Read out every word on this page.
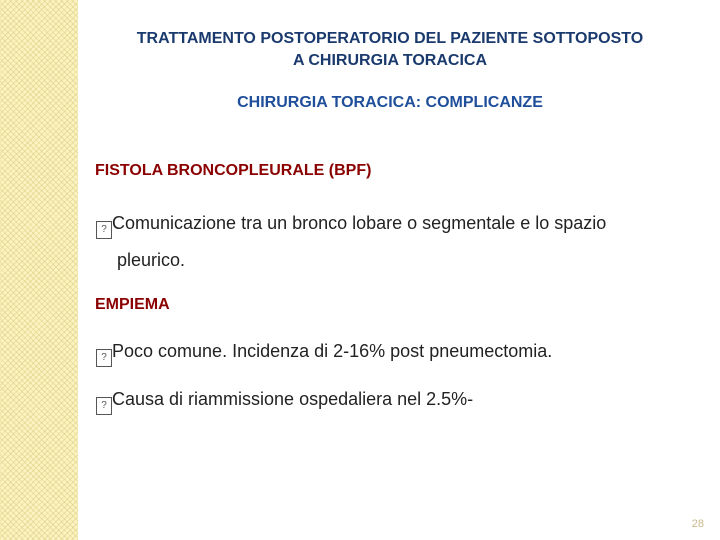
TRATTAMENTO POSTOPERATORIO DEL PAZIENTE SOTTOPOSTO
A CHIRURGIA TORACICA
CHIRURGIA TORACICA: COMPLICANZE
FISTOLA BRONCOPLEURALE (BPF)
? Comunicazione tra un bronco lobare o segmentale e lo spazio
pleurico.
EMPIEMA
? Poco comune. Incidenza di 2-16% post pneumectomia.
? Causa di riammissione ospedaliera nel 2.5%-
28
